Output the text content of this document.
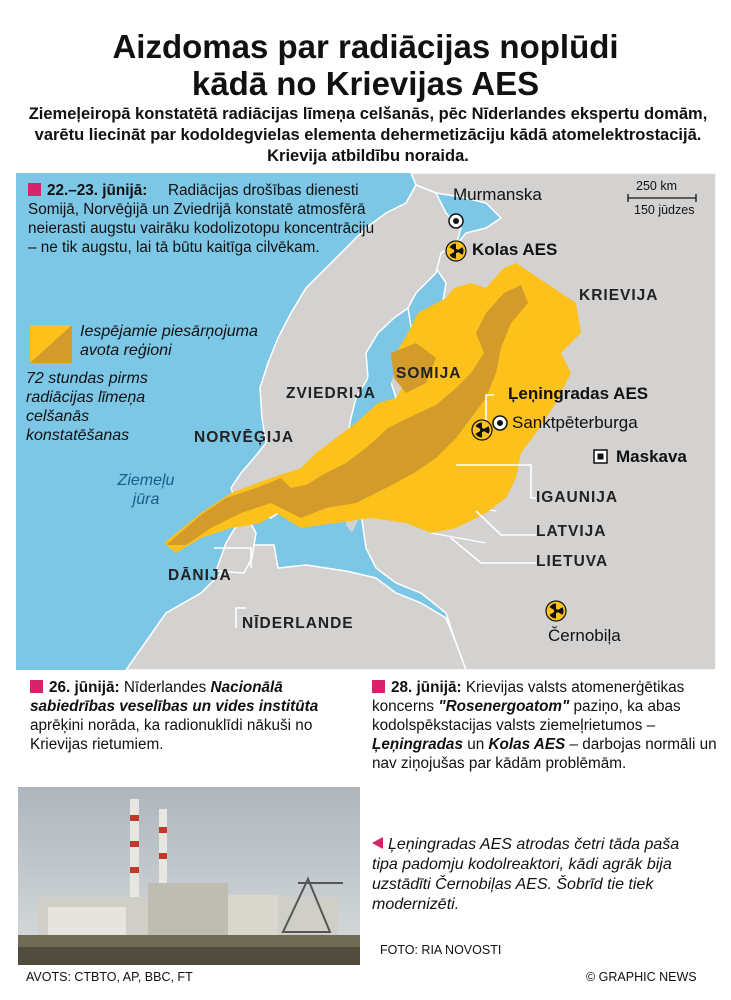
Aizdomas par radiācijas noplūdi
kādā no Krievijas AES
Ziemeļeiropā konstatētā radiācijas līmeņa celšanās, pēc Nīderlandes ekspertu domām, varētu liecināt par kodoldegvielas elementa dehermetizāciju kādā atomelektrostacijā. Krievija atbildību noraida.
22.–23. jūnijā:	Radiācijas drošības dienesti Somijā, Norvēģijā un Zviedrijā konstatē atmosfērā neierasti augstu vairāku kodolizotopu koncentrāciju – ne tik augstu, lai tā būtu kaitīga cilvēkam.
Iespējamie piesārņojuma avota reģioni
72 stundas pirms radiācijas līmeņa celšanās konstatēšanas
250 km
150 jūdzes
Murmanska
Kolas AES
KRIEVIJA
SOMIJA
ZVIEDRIJA
NORVĒĢIJA
Ļeņingradas AES
Sanktpēterburga
Maskava
Ziemeļu jūra	IGAUNIJA
LATVIJA
LIETUVA
DĀNIJA
NĪDERLANDE
Černobiļa
26. jūnijā: Nīderlandes Nacionālā sabiedrības veselības un vides institūta aprēķini norāda, ka radionuklīdi nākuši no Krievijas rietumiem.
28. jūnijā: Krievijas valsts atomenerģētikas koncerns "Rosenergoatom" paziņo, ka abas kodolspēkstacijas valsts ziemeļrietumos – Ļeņingradas un Kolas AES – darbojas normāli un nav ziņojušas par kādām problēmām.
Ļeņingradas AES atrodas četri tāda paša tipa padomju kodolreaktori, kādi agrāk bija uzstādīti Černobiļas AES. Šobrīd tie tiek modernizēti.
FOTO: RIA NOVOSTI
AVOTS: CTBTO, AP, BBC, FT	© GRAPHIC NEWS
